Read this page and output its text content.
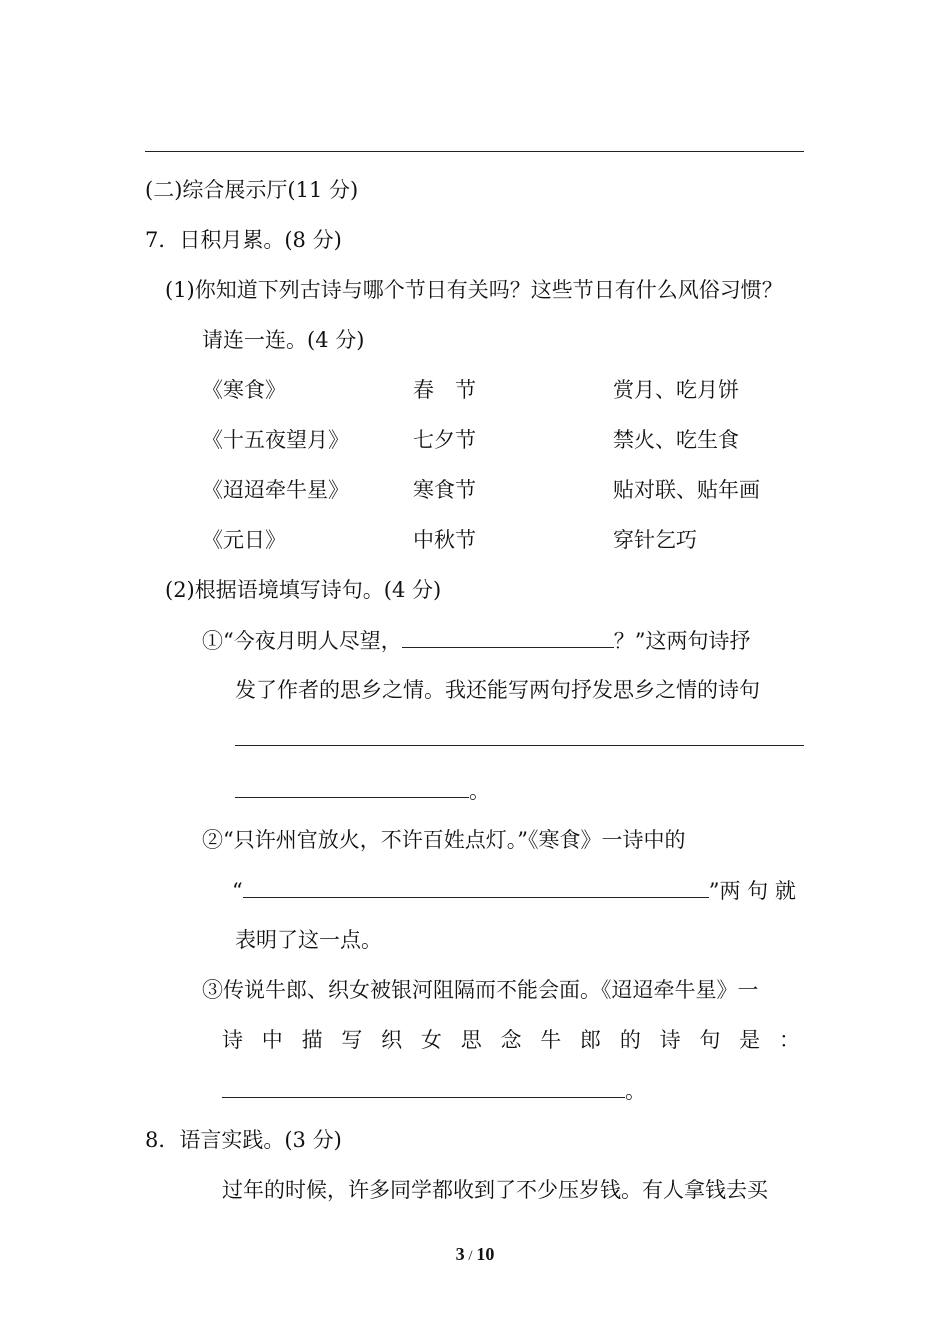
(二)综合展示厅(11 分)
7．日积月累。(8 分)
(1)你知道下列古诗与哪个节日有关吗？这些节日有什么风俗习惯？
请连一连。(4 分)
《寒食》	春　节	赏月、吃月饼
《十五夜望月》	七夕节	禁火、吃生食
《迢迢牵牛星》	寒食节	贴对联、贴年画
《元日》	中秋节	穿针乞巧
(2)根据语境填写诗句。(4 分)
①“今夜月明人尽望，	？”这两句诗抒
发了作者的思乡之情。我还能写两句抒发思乡之情的诗句
。
②“只许州官放火，不许百姓点灯。”《寒食》一诗中的
“	”两 句 就
表明了这一点。
③传说牛郎、织女被银河阻隔而不能会面。《迢迢牵牛星》一
诗 中 描 写 织 女 思 念 牛 郎 的 诗 句 是 ：
。
8．语言实践。(3 分)
过年的时候，许多同学都收到了不少压岁钱。有人拿钱去买
3 / 10
